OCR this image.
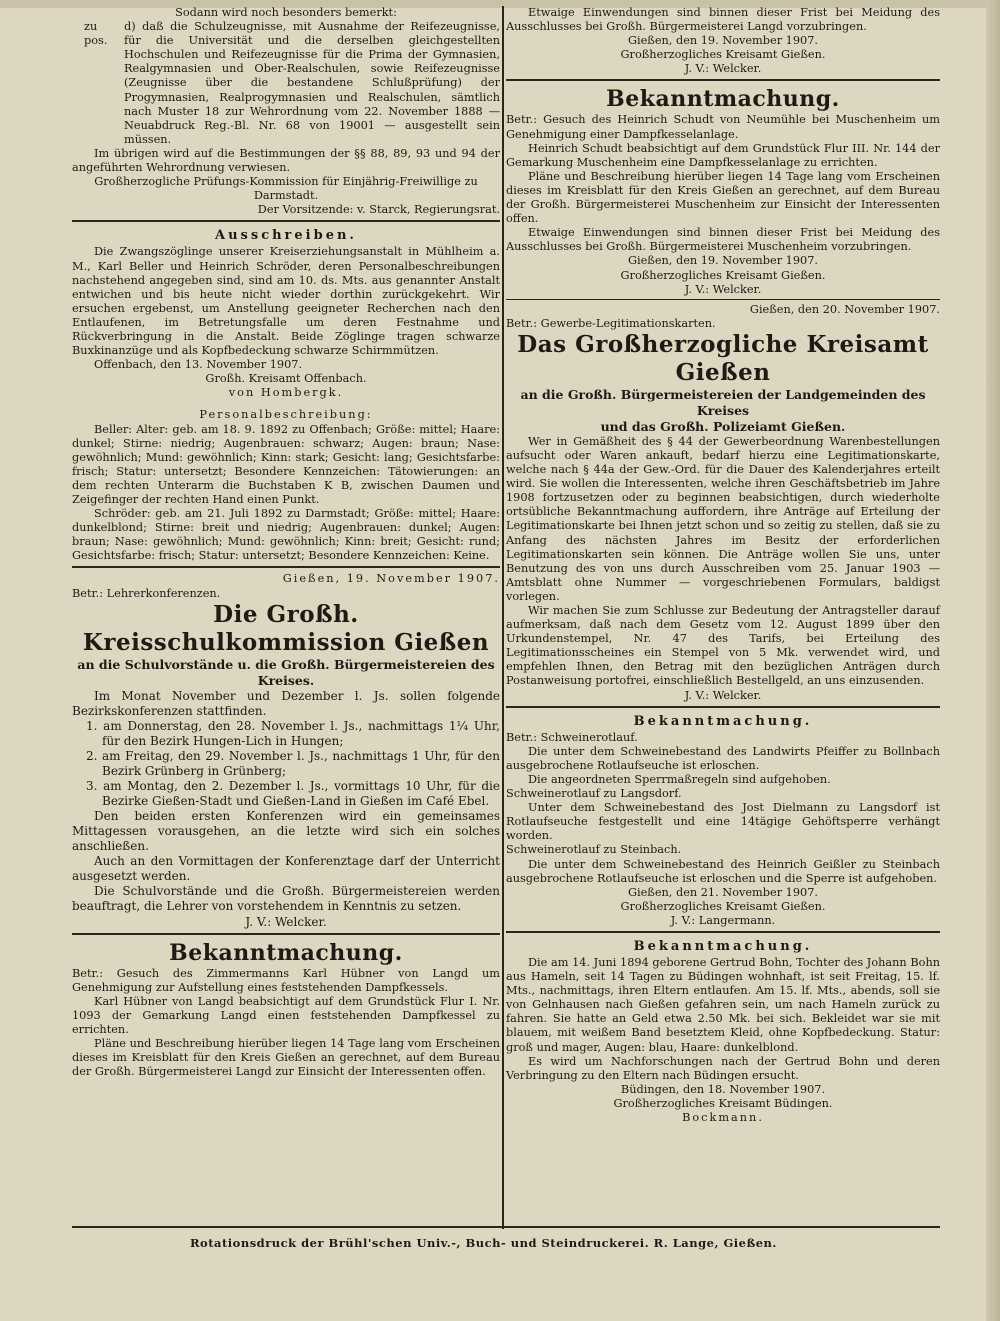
Sodann wird noch besonders bemerkt:

zu pos.

d) daß die Schulzeugnisse, mit Ausnahme der Reifezeugnisse, für die Universität und die derselben gleichgestellten Hochschulen und Reifezeugnisse für die Prima der Gymnasien, Realgymnasien und Ober-Realschulen, sowie Reifezeugnisse (Zeugnisse über die bestandene Schlußprüfung) der Progymnasien, Realprogymnasien und Realschulen, sämtlich nach Muster 18 zur Wehrordnung vom 22. November 1888 — Neuabdruck Reg.-Bl. Nr. 68 von 19001 — ausgestellt sein müssen.

Im übrigen wird auf die Bestimmungen der §§ 88, 89, 93 und 94 der angeführten Wehrordnung verwiesen.

Großherzogliche Prüfungs-Kommission für Einjährig-Freiwillige zu Darmstadt.

Der Vorsitzende: v. Starck, Regierungsrat.

Ausschreiben.

Die Zwangszöglinge unserer Kreiserziehungsanstalt in Mühlheim a. M., Karl Beller und Heinrich Schröder, deren Personalbeschreibungen nachstehend angegeben sind, sind am 10. ds. Mts. aus genannter Anstalt entwichen und bis heute nicht wieder dorthin zurückgekehrt. Wir ersuchen ergebenst, um Anstellung geeigneter Recherchen nach den Entlaufenen, im Betretungsfalle um deren Festnahme und Rückverbringung in die Anstalt. Beide Zöglinge tragen schwarze Buxkinanzüge und als Kopfbedeckung schwarze Schirmmützen.

Offenbach, den 13. November 1907.

Großh. Kreisamt Offenbach.

von Hombergk.

Personalbeschreibung:

Beller: Alter: geb. am 18. 9. 1892 zu Offenbach; Größe: mittel; Haare: dunkel; Stirne: niedrig; Augenbrauen: schwarz; Augen: braun; Nase: gewöhnlich; Mund: gewöhnlich; Kinn: stark; Gesicht: lang; Gesichtsfarbe: frisch; Statur: untersetzt; Besondere Kennzeichen: Tätowierungen: an dem rechten Unterarm die Buchstaben K B, zwischen Daumen und Zeigefinger der rechten Hand einen Punkt.

Schröder: geb. am 21. Juli 1892 zu Darmstadt; Größe: mittel; Haare: dunkelblond; Stirne: breit und niedrig; Augenbrauen: dunkel; Augen: braun; Nase: gewöhnlich; Mund: gewöhnlich; Kinn: breit; Gesicht: rund; Gesichtsfarbe: frisch; Statur: untersetzt; Besondere Kennzeichen: Keine.

Gießen, 19. November 1907.

Betr.: Lehrerkonferenzen.

Die Großh. Kreisschulkommission Gießen

an die Schulvorstände u. die Großh. Bürgermeistereien des Kreises.

Im Monat November und Dezember l. Js. sollen folgende Bezirkskonferenzen stattfinden.

1. am Donnerstag, den 28. November l. Js., nachmittags 1¼ Uhr, für den Bezirk Hungen-Lich in Hungen;

2. am Freitag, den 29. November l. Js., nachmittags 1 Uhr, für den Bezirk Grünberg in Grünberg;

3. am Montag, den 2. Dezember l. Js., vormittags 10 Uhr, für die Bezirke Gießen-Stadt und Gießen-Land in Gießen im Café Ebel.

Den beiden ersten Konferenzen wird ein gemeinsames Mittagessen vorausgehen, an die letzte wird sich ein solches anschließen.

Auch an den Vormittagen der Konferenztage darf der Unterricht ausgesetzt werden.

Die Schulvorstände und die Großh. Bürgermeistereien werden beauftragt, die Lehrer von vorstehendem in Kenntnis zu setzen.

J. V.: Welcker.

Bekanntmachung.

Betr.: Gesuch des Zimmermanns Karl Hübner von Langd um Genehmigung zur Aufstellung eines feststehenden Dampfkessels.

Karl Hübner von Langd beabsichtigt auf dem Grundstück Flur I. Nr. 1093 der Gemarkung Langd einen feststehenden Dampfkessel zu errichten.

Pläne und Beschreibung hierüber liegen 14 Tage lang vom Erscheinen dieses im Kreisblatt für den Kreis Gießen an gerechnet, auf dem Bureau der Großh. Bürgermeisterei Langd zur Einsicht der Interessenten offen.

Etwaige Einwendungen sind binnen dieser Frist bei Meidung des Ausschlusses bei Großh. Bürgermeisterei Langd vorzubringen.

Gießen, den 19. November 1907.

Großherzogliches Kreisamt Gießen.

J. V.: Welcker.

Bekanntmachung.

Betr.: Gesuch des Heinrich Schudt von Neumühle bei Muschenheim um Genehmigung einer Dampfkesselanlage.

Heinrich Schudt beabsichtigt auf dem Grundstück Flur III. Nr. 144 der Gemarkung Muschenheim eine Dampfkesselanlage zu errichten.

Pläne und Beschreibung hierüber liegen 14 Tage lang vom Erscheinen dieses im Kreisblatt für den Kreis Gießen an gerechnet, auf dem Bureau der Großh. Bürgermeisterei Muschenheim zur Einsicht der Interessenten offen.

Etwaige Einwendungen sind binnen dieser Frist bei Meidung des Ausschlusses bei Großh. Bürgermeisterei Muschenheim vorzubringen.

Gießen, den 19. November 1907.

Großherzogliches Kreisamt Gießen.

J. V.: Welcker.

Gießen, den 20. November 1907.

Betr.: Gewerbe-Legitimationskarten.

Das Großherzogliche Kreisamt Gießen

an die Großh. Bürgermeistereien der Landgemeinden des Kreises

und das Großh. Polizeiamt Gießen.

Wer in Gemäßheit des § 44 der Gewerbeordnung Warenbestellungen aufsucht oder Waren ankauft, bedarf hierzu eine Legitimationskarte, welche nach § 44a der Gew.-Ord. für die Dauer des Kalenderjahres erteilt wird. Sie wollen die Interessenten, welche ihren Geschäftsbetrieb im Jahre 1908 fortzusetzen oder zu beginnen beabsichtigen, durch wiederholte ortsübliche Bekanntmachung auffordern, ihre Anträge auf Erteilung der Legitimationskarte bei Ihnen jetzt schon und so zeitig zu stellen, daß sie zu Anfang des nächsten Jahres im Besitz der erforderlichen Legitimationskarten sein können. Die Anträge wollen Sie uns, unter Benutzung des von uns durch Ausschreiben vom 25. Januar 1903 — Amtsblatt ohne Nummer — vorgeschriebenen Formulars, baldigst vorlegen.

Wir machen Sie zum Schlusse zur Bedeutung der Antragsteller darauf aufmerksam, daß nach dem Gesetz vom 12. August 1899 über den Urkundenstempel, Nr. 47 des Tarifs, bei Erteilung des Legitimationsscheines ein Stempel von 5 Mk. verwendet wird, und empfehlen Ihnen, den Betrag mit den bezüglichen Anträgen durch Postanweisung portofrei, einschließlich Bestellgeld, an uns einzusenden.

J. V.: Welcker.

Bekanntmachung.

Betr.: Schweinerotlauf.

Die unter dem Schweinebestand des Landwirts Pfeiffer zu Bollnbach ausgebrochene Rotlaufseuche ist erloschen.

Die angeordneten Sperrmaßregeln sind aufgehoben.

Schweinerotlauf zu Langsdorf.

Unter dem Schweinebestand des Jost Dielmann zu Langsdorf ist Rotlaufseuche festgestellt und eine 14tägige Gehöftsperre verhängt worden.

Schweinerotlauf zu Steinbach.

Die unter dem Schweinebestand des Heinrich Geißler zu Steinbach ausgebrochene Rotlaufseuche ist erloschen und die Sperre ist aufgehoben.

Gießen, den 21. November 1907.

Großherzogliches Kreisamt Gießen.

J. V.: Langermann.

Bekanntmachung.

Die am 14. Juni 1894 geborene Gertrud Bohn, Tochter des Johann Bohn aus Hameln, seit 14 Tagen zu Büdingen wohnhaft, ist seit Freitag, 15. lf. Mts., nachmittags, ihren Eltern entlaufen. Am 15. lf. Mts., abends, soll sie von Gelnhausen nach Gießen gefahren sein, um nach Hameln zurück zu fahren. Sie hatte an Geld etwa 2.50 Mk. bei sich. Bekleidet war sie mit blauem, mit weißem Band besetztem Kleid, ohne Kopfbedeckung. Statur: groß und mager, Augen: blau, Haare: dunkelblond.

Es wird um Nachforschungen nach der Gertrud Bohn und deren Verbringung zu den Eltern nach Büdingen ersucht.

Büdingen, den 18. November 1907.

Großherzogliches Kreisamt Büdingen.

Bockmann.

Rotationsdruck der Brühl'schen Univ.-, Buch- und Steindruckerei. R. Lange, Gießen.
